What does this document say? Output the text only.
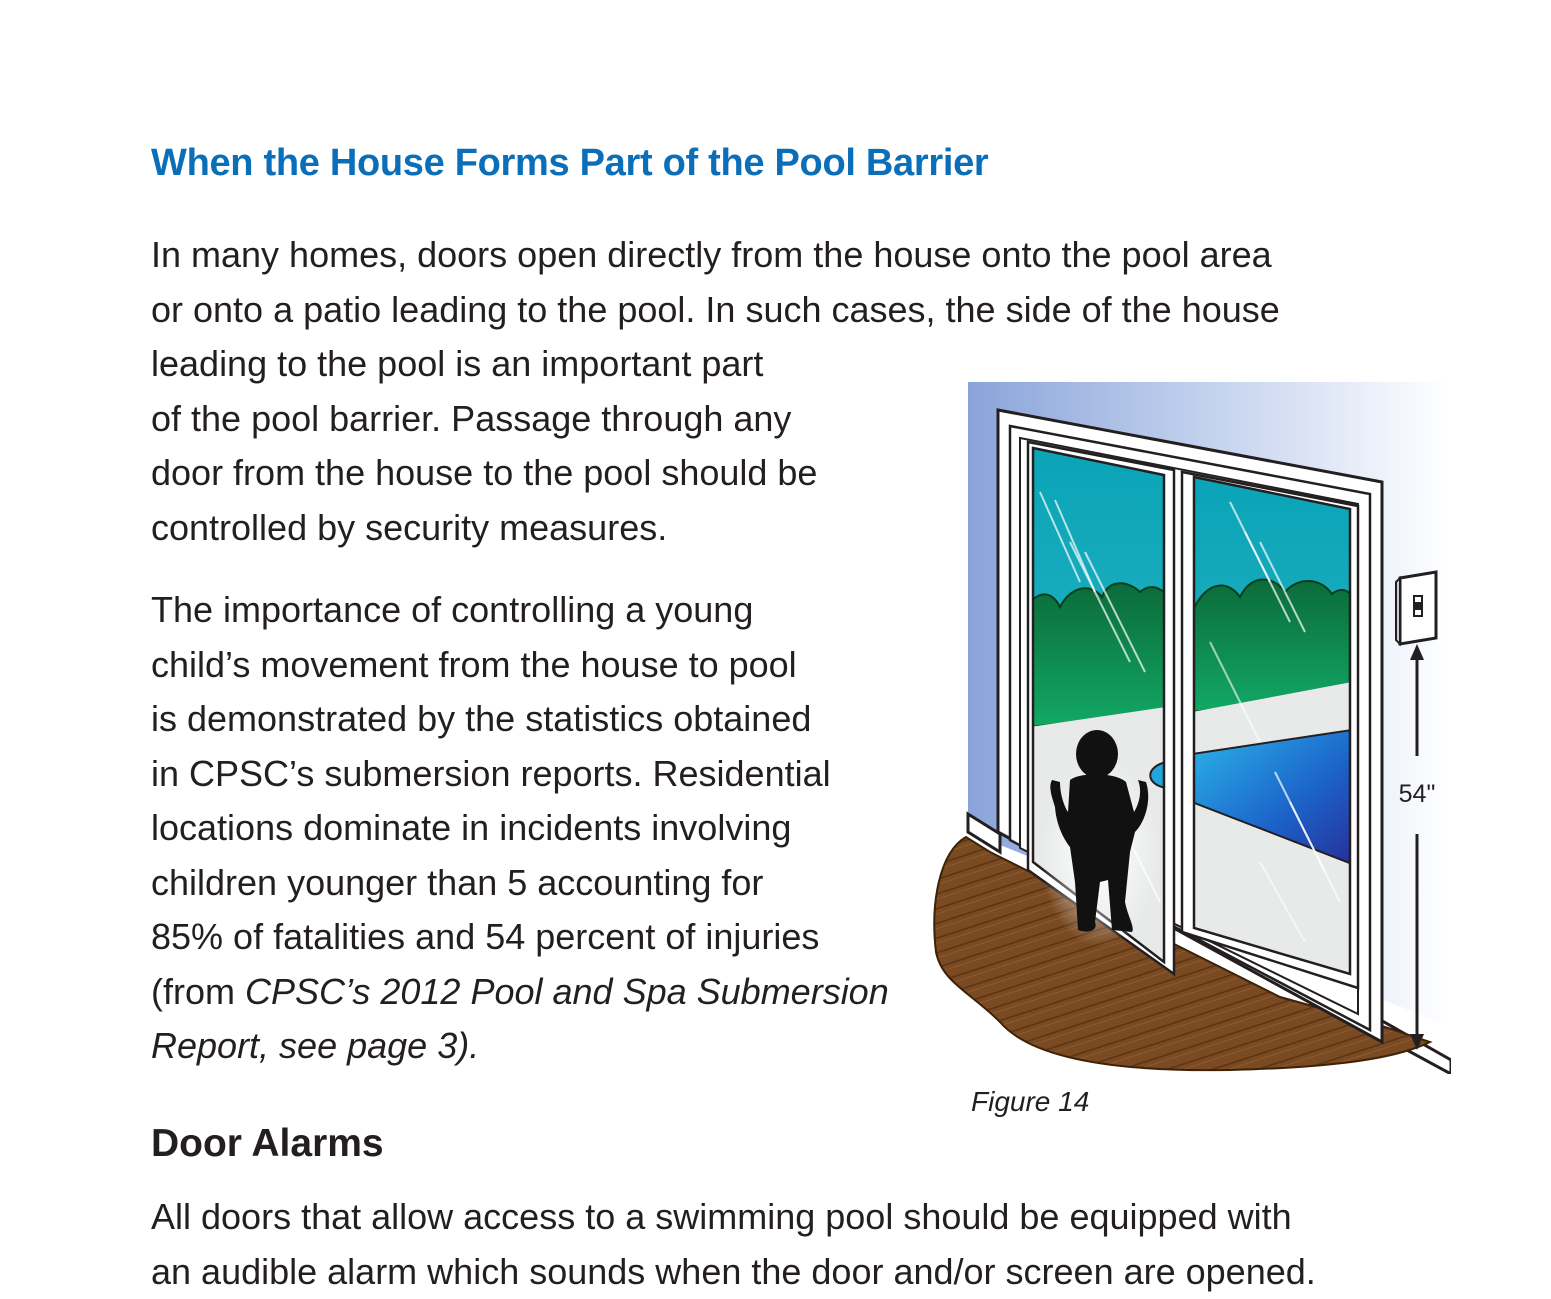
When the House Forms Part of the Pool Barrier

In many homes, doors open directly from the house onto the pool area
or onto a patio leading to the pool. In such cases, the side of the house
leading to the pool is an important part
of the pool barrier. Passage through any
door from the house to the pool should be
controlled by security measures.

The importance of controlling a young
child’s movement from the house to pool
is demonstrated by the statistics obtained
in CPSC’s submersion reports. Residential
locations dominate in incidents involving
children younger than 5 accounting for
85% of fatalities and 54 percent of injuries
(from CPSC’s 2012 Pool and Spa Submersion
Report, see page 3).

54"

Figure 14

Door Alarms

All doors that allow access to a swimming pool should be equipped with
an audible alarm which sounds when the door and/or screen are opened.
